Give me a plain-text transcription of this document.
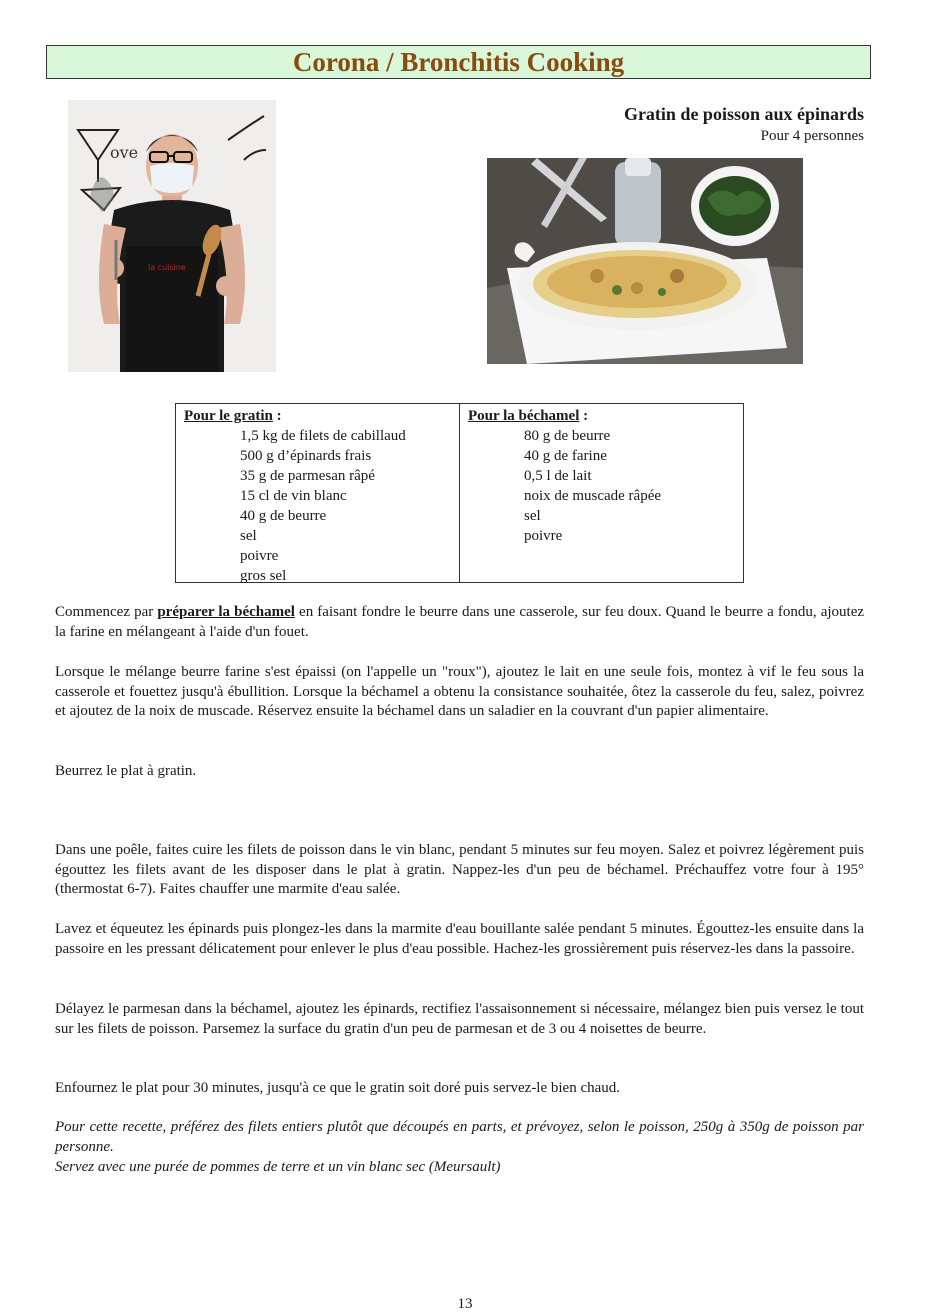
Corona / Bronchitis Cooking
ove
la cuisine
Gratin de poisson aux épinards
Pour 4 personnes
Pour le gratin :
1,5 kg de filets de cabillaud
500 g d’épinards frais
35 g de parmesan râpé
15 cl de vin blanc
40 g de beurre
sel
poivre
gros sel
Pour la béchamel :
80 g de beurre
40 g de farine
0,5 l de lait
noix de muscade râpée
sel
poivre

Commencez par préparer la béchamel en faisant fondre le beurre dans une casserole, sur feu doux. Quand le beurre a fondu, ajoutez la farine en mélangeant à l'aide d'un fouet.

Lorsque le mélange beurre farine s'est épaissi (on l'appelle un "roux"), ajoutez le lait en une seule fois, montez à vif le feu sous la casserole et fouettez jusqu'à ébullition. Lorsque la béchamel a obtenu la consistance souhaitée, ôtez la casserole du feu, salez, poivrez et ajoutez de la noix de muscade. Réservez ensuite la béchamel dans un saladier en la couvrant d'un papier alimentaire.

Beurrez le plat à gratin.

Dans une poêle, faites cuire les filets de poisson dans le vin blanc, pendant 5 minutes sur feu moyen. Salez et poivrez légèrement puis égouttez les filets avant de les disposer dans le plat à gratin. Nappez-les d'un peu de béchamel. Préchauffez votre four à 195° (thermostat 6-7). Faites chauffer une marmite d'eau salée.

Lavez et équeutez les épinards puis plongez-les dans la marmite d'eau bouillante salée pendant 5 minutes. Égouttez-les ensuite dans la passoire en les pressant délicatement pour enlever le plus d'eau possible. Hachez-les grossièrement puis réservez-les dans la passoire.

Délayez le parmesan dans la béchamel, ajoutez les épinards, rectifiez l'assaisonnement si nécessaire, mélangez bien puis versez le tout sur les filets de poisson. Parsemez la surface du gratin d'un peu de parmesan et de 3 ou 4 noisettes de beurre.

Enfournez le plat pour 30 minutes, jusqu'à ce que le gratin soit doré puis servez-le bien chaud.

Pour cette recette, préférez des filets entiers plutôt que découpés en parts, et prévoyez, selon le poisson, 250g à 350g de poisson par personne.

Servez avec une purée de pommes de terre et un vin blanc sec (Meursault)

13
